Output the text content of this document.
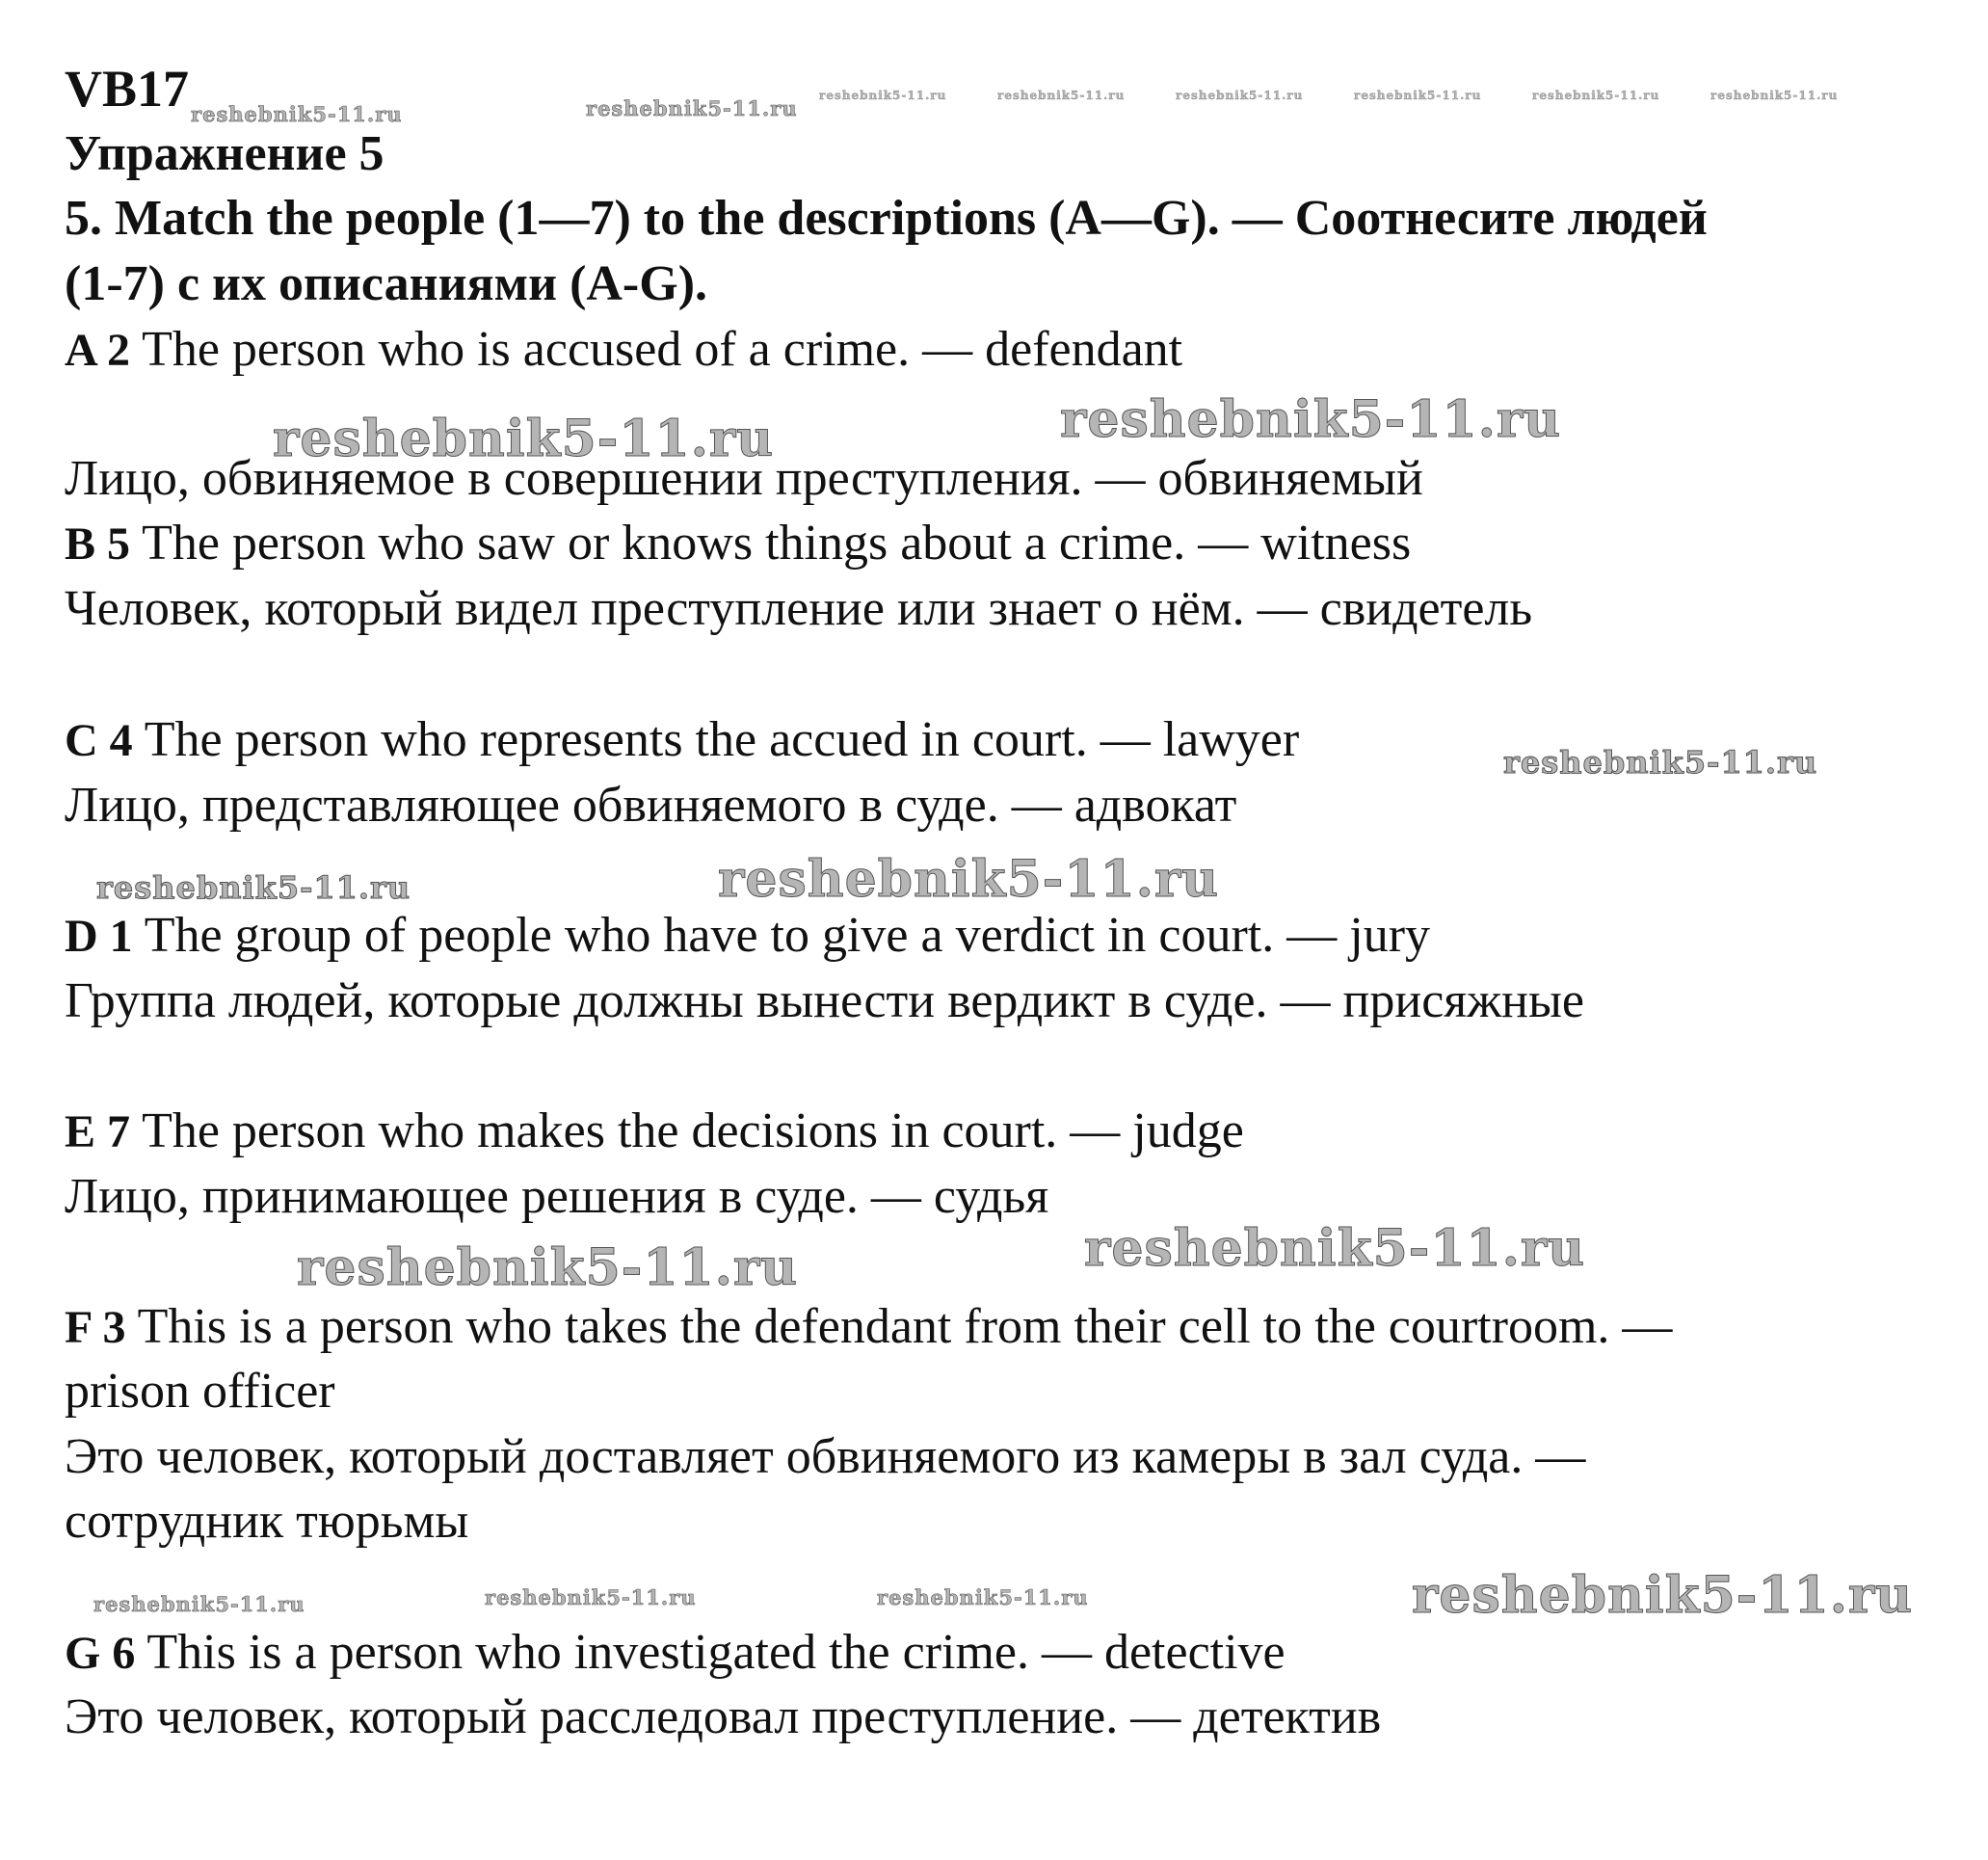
$VB17_{reshebnik5-11.ru}$
Упражнение 5
5. Match the people (1—7) to the descriptions (A—G). — Соотнесите людей
(1-7) с их описаниями (A-G).
A 2 The person who is accused of a crime. — defendant
Лицо, обвиняемое в совершении преступления. — обвиняемый
B 5 The person who saw or knows things about a crime. — witness
Человек, который видел преступление или знает о нём. — свидетель
C 4 The person who represents the accued in court. — lawyer
Лицо, представляющее обвиняемого в суде. — адвокат
D 1 The group of people who have to give a verdict in court. — jury
Группа людей, которые должны вынести вердикт в суде. — присяжные
E 7 The person who makes the decisions in court. — judge
Лицо, принимающее решения в суде. — судья
F 3 This is a person who takes the defendant from their cell to the courtroom. —
prison officer
Это человек, который доставляет обвиняемого из камеры в зал суда. —
сотрудник тюрьмы
G 6 This is a person who investigated the crime. — detective
Это человек, который расследовал преступление. — детектив
reshebnik5-11.ru
reshebnik5-11.ru	reshebnik5-11.ru	reshebnik5-11.ru	reshebnik5-11.ru	reshebnik5-11.ru	reshebnik5-11.ru
reshebnik5-11.ru	reshebnik5-11.ru
reshebnik5-11.ru
reshebnik5-11.ru	reshebnik5-11.ru
reshebnik5-11.ru	reshebnik5-11.ru
reshebnik5-11.ru	reshebnik5-11.ru	reshebnik5-11.ru	reshebnik5-11.ru
